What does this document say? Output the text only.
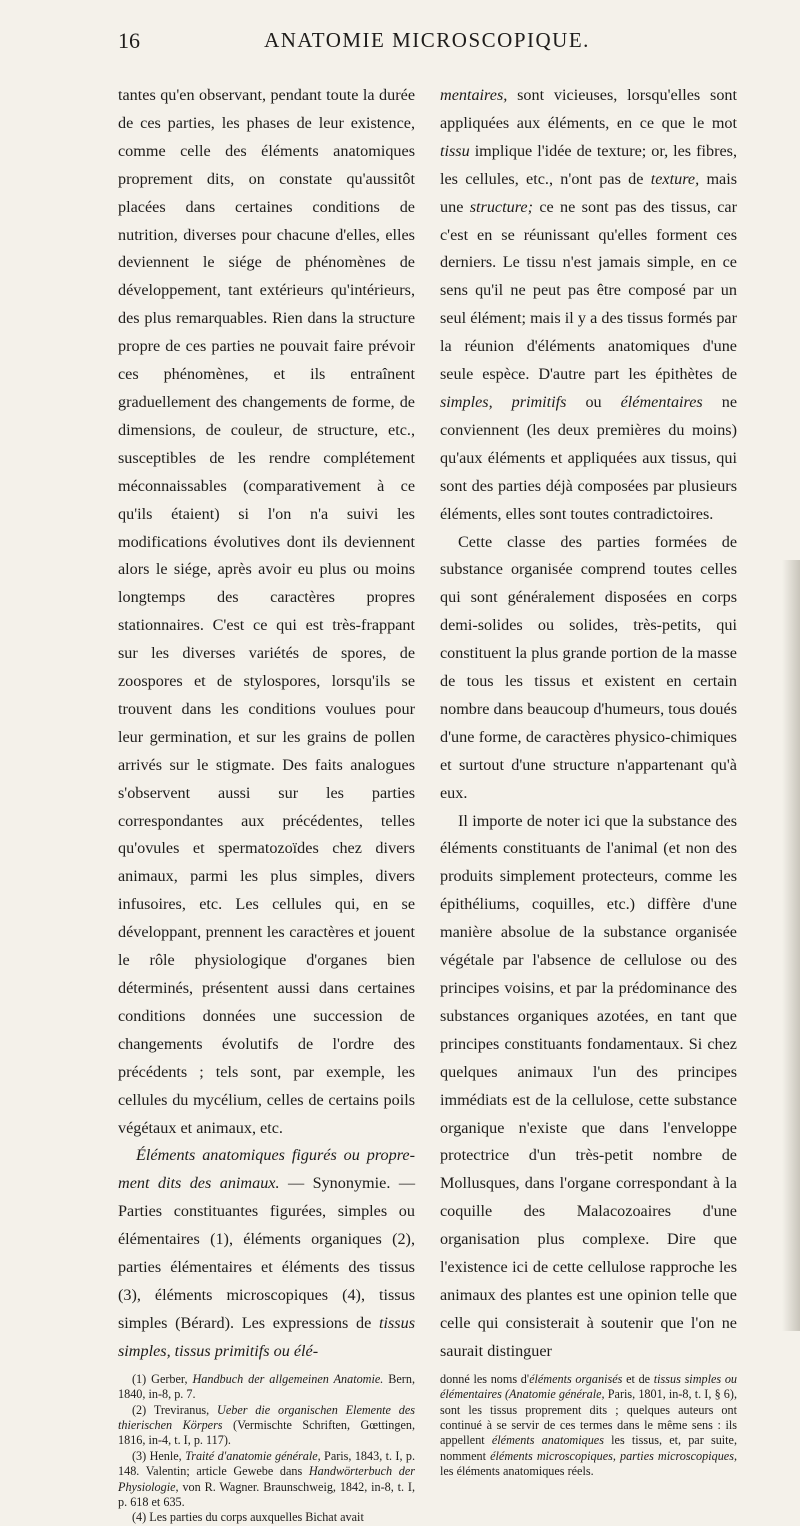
16	ANATOMIE MICROSCOPIQUE.

tantes qu'en observant, pendant toute la durée de ces parties, les phases de leur existence, comme celle des éléments anatomiques proprement dits, on constate qu'aussitôt placées dans certaines conditions de nutrition, diverses pour chacune d'elles, elles deviennent le siége de phénomènes de développement, tant extérieurs qu'intérieurs, des plus remarquables. Rien dans la structure propre de ces parties ne pouvait faire prévoir ces phénomènes, et ils entraînent graduellement des changements de forme, de dimensions, de couleur, de structure, etc., susceptibles de les rendre complétement méconnaissables (comparativement à ce qu'ils étaient) si l'on n'a suivi les modifications évolutives dont ils deviennent alors le siége, après avoir eu plus ou moins longtemps des caractères propres stationnaires. C'est ce qui est très-frappant sur les diverses variétés de spores, de zoospores et de stylospores, lorsqu'ils se trouvent dans les conditions voulues pour leur germination, et sur les grains de pollen arrivés sur le stigmate. Des faits analogues s'observent aussi sur les parties correspondantes aux précédentes, telles qu'ovules et spermatozoïdes chez divers animaux, parmi les plus simples, divers infusoires, etc. Les cellules qui, en se développant, prennent les caractères et jouent le rôle physiologique d'organes bien déterminés, présentent aussi dans certaines conditions données une succession de changements évolutifs de l'ordre des précédents ; tels sont, par exemple, les cellules du mycélium, celles de certains poils végétaux et animaux, etc.

Éléments anatomiques figurés ou propre-ment dits des animaux. — Synonymie. — Parties constituantes figurées, simples ou élémentaires (1), éléments organiques (2), parties élémentaires et éléments des tissus (3), éléments microscopiques (4), tissus simples (Bérard). Les expressions de tissus simples, tissus primitifs ou élé-

(1) Gerber, Handbuch der allgemeinen Anatomie. Bern, 1840, in-8, p. 7.

(2) Treviranus, Ueber die organischen Elemente des thierischen Körpers (Vermischte Schriften, Gœttingen, 1816, in-4, t. I, p. 117).

(3) Henle, Traité d'anatomie générale, Paris, 1843, t. I, p. 148. Valentin; article Gewebe dans Handwörterbuch der Physiologie, von R. Wagner. Braunschweig, 1842, in-8, t. I, p. 618 et 635.

(4) Les parties du corps auxquelles Bichat avait

mentaires, sont vicieuses, lorsqu'elles sont appliquées aux éléments, en ce que le mot tissu implique l'idée de texture; or, les fibres, les cellules, etc., n'ont pas de texture, mais une structure; ce ne sont pas des tissus, car c'est en se réunissant qu'elles forment ces derniers. Le tissu n'est jamais simple, en ce sens qu'il ne peut pas être composé par un seul élément; mais il y a des tissus formés par la réunion d'éléments anatomiques d'une seule espèce. D'autre part les épithètes de simples, primitifs ou élémentaires ne conviennent (les deux premières du moins) qu'aux éléments et appliquées aux tissus, qui sont des parties déjà composées par plusieurs éléments, elles sont toutes contradictoires.

Cette classe des parties formées de substance organisée comprend toutes celles qui sont généralement disposées en corps demi-solides ou solides, très-petits, qui constituent la plus grande portion de la masse de tous les tissus et existent en certain nombre dans beaucoup d'humeurs, tous doués d'une forme, de caractères physico-chimiques et surtout d'une structure n'appartenant qu'à eux.

Il importe de noter ici que la substance des éléments constituants de l'animal (et non des produits simplement protecteurs, comme les épithéliums, coquilles, etc.) diffère d'une manière absolue de la substance organisée végétale par l'absence de cellulose ou des principes voisins, et par la prédominance des substances organiques azotées, en tant que principes constituants fondamentaux. Si chez quelques animaux l'un des principes immédiats est de la cellulose, cette substance organique n'existe que dans l'enveloppe protectrice d'un très-petit nombre de Mollusques, dans l'organe correspondant à la coquille des Malacozoaires d'une organisation plus complexe. Dire que l'existence ici de cette cellulose rapproche les animaux des plantes est une opinion telle que celle qui consisterait à soutenir que l'on ne saurait distinguer

donné les noms d'éléments organisés et de tissus simples ou élémentaires (Anatomie générale, Paris, 1801, in-8, t. I, § 6), sont les tissus proprement dits ; quelques auteurs ont continué à se servir de ces termes dans le même sens : ils appellent éléments anatomiques les tissus, et, par suite, nomment éléments microscopiques, parties microscopiques, les éléments anatomiques réels.
